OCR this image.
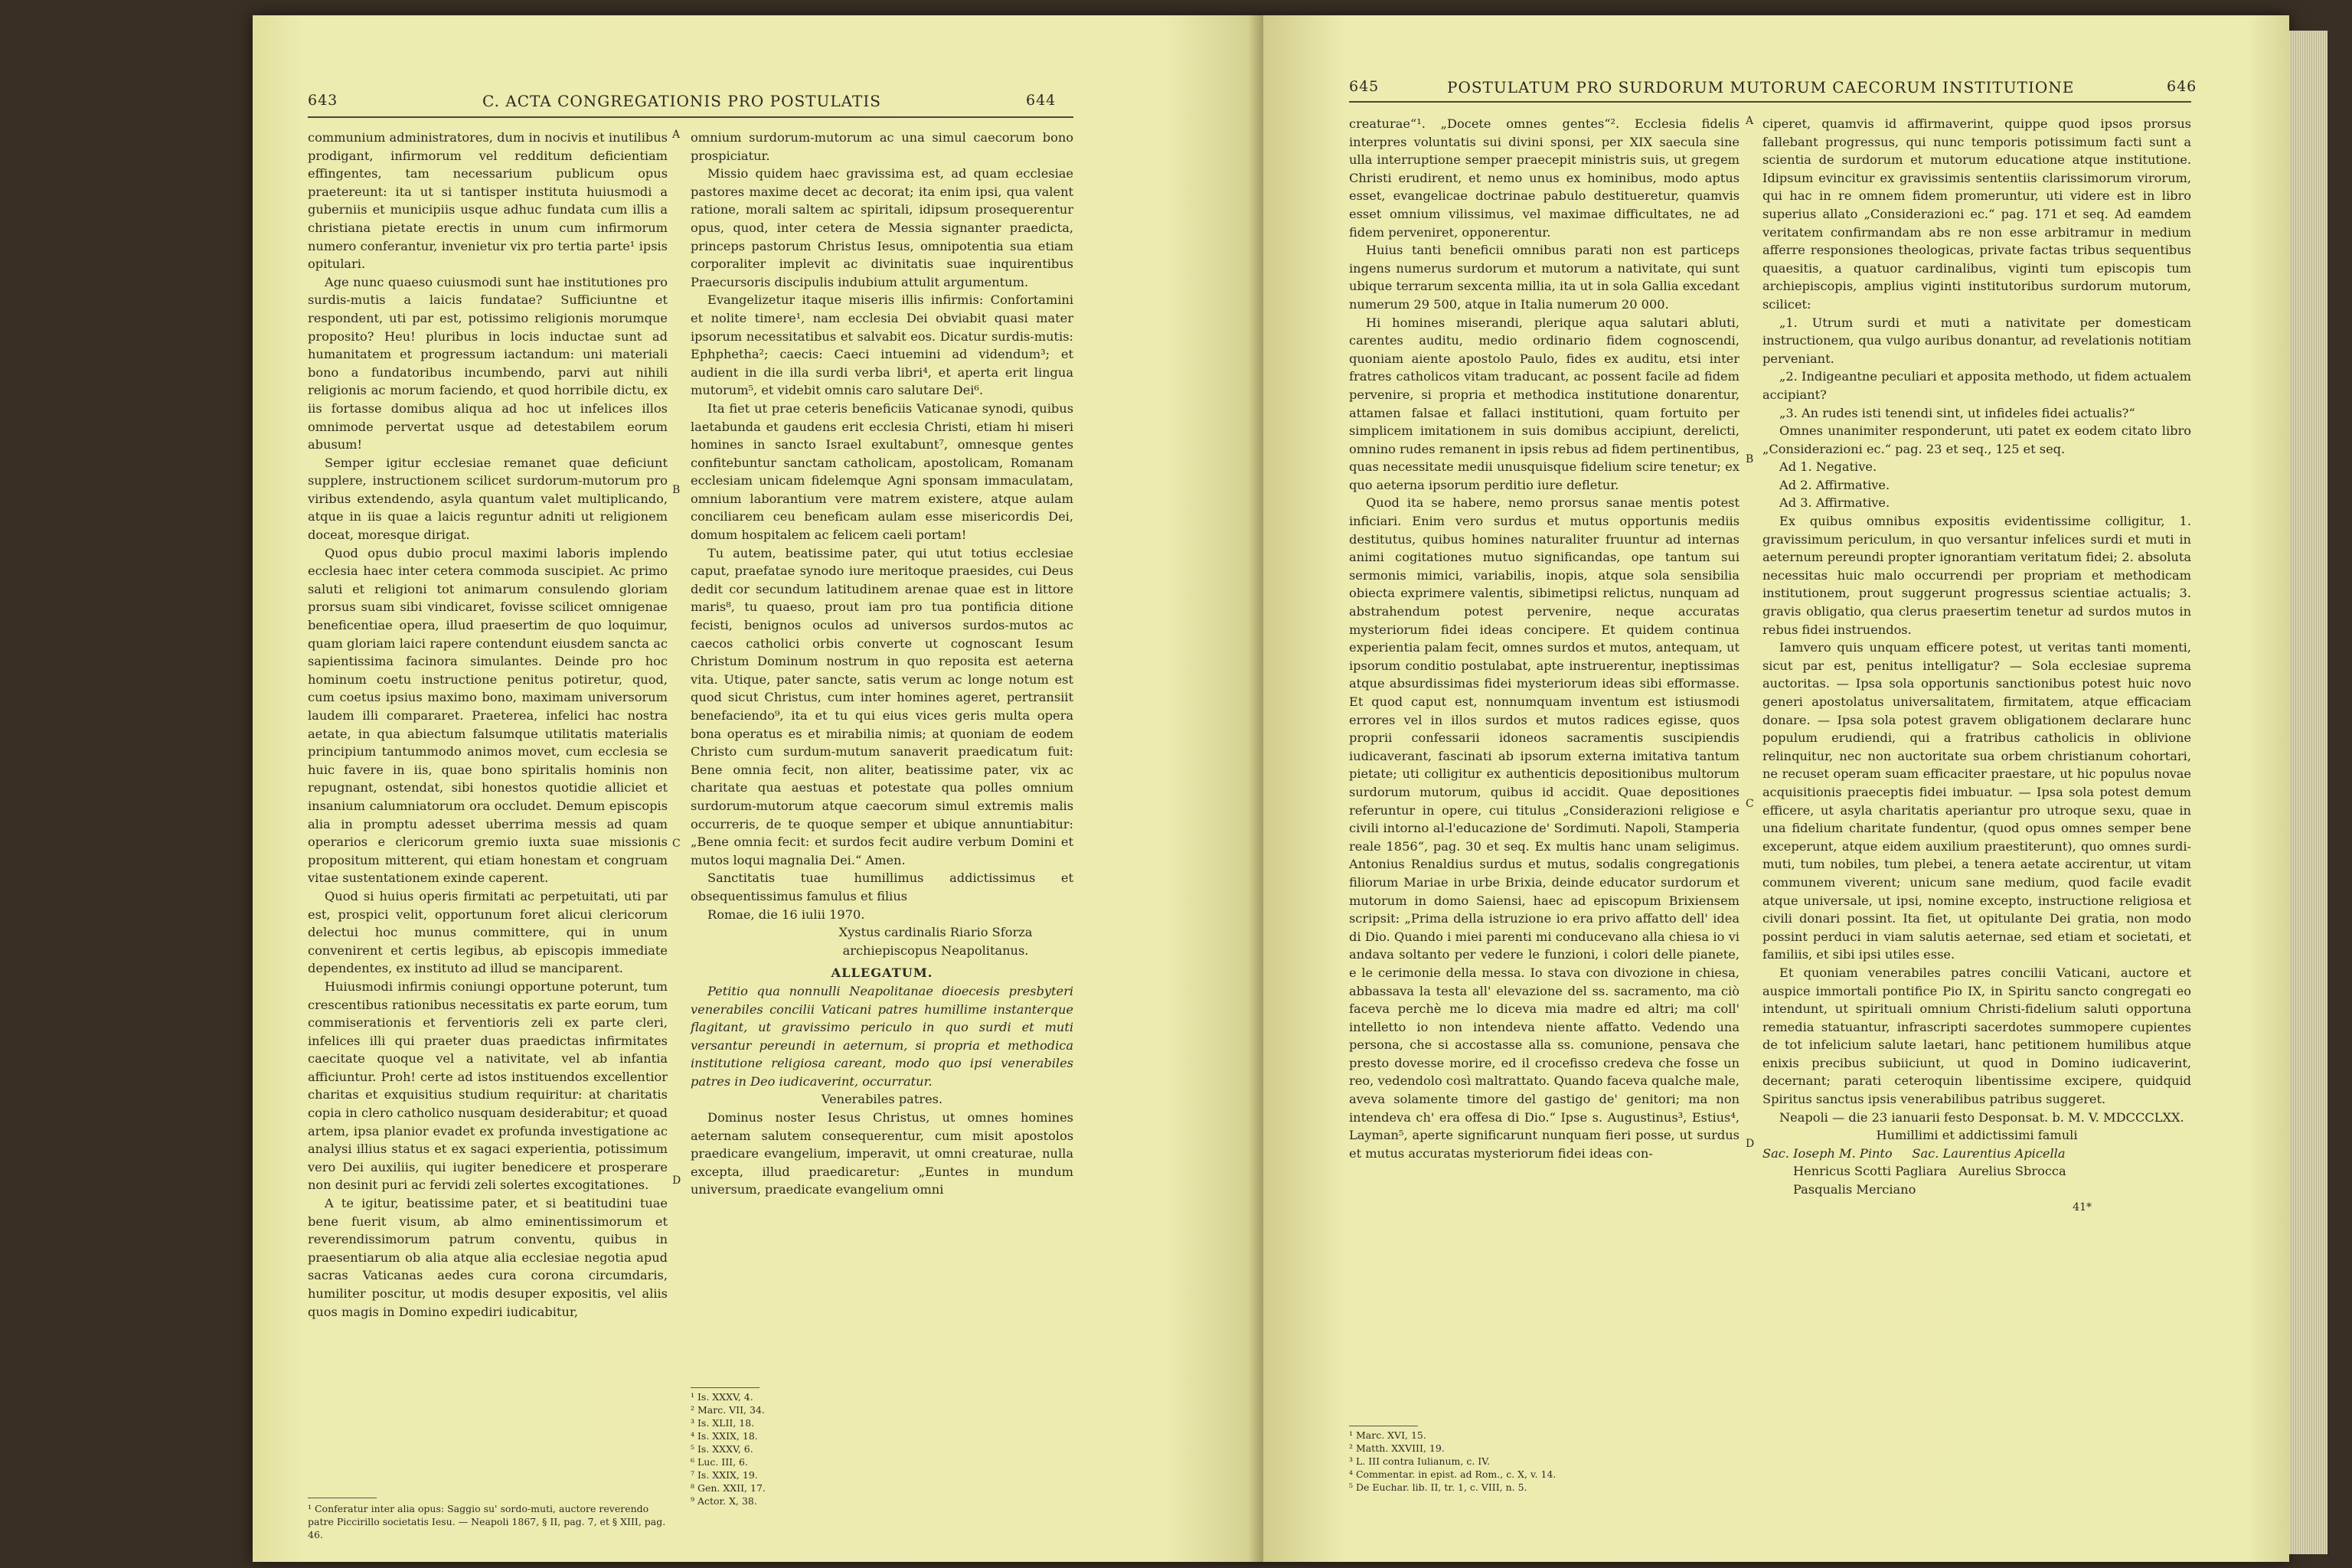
643	C. ACTA CONGREGATIONIS PRO POSTULATIS	644

communium administratores, dum in nocivis et inutilibus prodigant, infirmorum vel redditum deficientiam effingentes, tam necessarium publicum opus praetereunt: ita ut si tantisper instituta huiusmodi a guberniis et municipiis usque adhuc fundata cum illis a christiana pietate erectis in unum cum infirmorum numero conferantur, invenietur vix pro tertia parte¹ ipsis opitulari.

Age nunc quaeso cuiusmodi sunt hae institutiones pro surdis-mutis a laicis fundatae? Sufficiuntne et respondent, uti par est, potissimo religionis morumque proposito? Heu! pluribus in locis inductae sunt ad humanitatem et progressum iactandum: uni materiali bono a fundatoribus incumbendo, parvi aut nihili religionis ac morum faciendo, et quod horribile dictu, ex iis fortasse domibus aliqua ad hoc ut infelices illos omnimode pervertat usque ad detestabilem eorum abusum!

Semper igitur ecclesiae remanet quae deficiunt supplere, instructionem scilicet surdorum-mutorum pro viribus extendendo, asyla quantum valet multiplicando, atque in iis quae a laicis reguntur adniti ut religionem doceat, moresque dirigat.

Quod opus dubio procul maximi laboris implendo ecclesia haec inter cetera commoda suscipiet. Ac primo saluti et religioni tot animarum consulendo gloriam prorsus suam sibi vindicaret, fovisse scilicet omnigenae beneficentiae opera, illud praesertim de quo loquimur, quam gloriam laici rapere contendunt eiusdem sancta ac sapientissima facinora simulantes. Deinde pro hoc hominum coetu instructione penitus potiretur, quod, cum coetus ipsius maximo bono, maximam universorum laudem illi compararet. Praeterea, infelici hac nostra aetate, in qua abiectum falsumque utilitatis materialis principium tantummodo animos movet, cum ecclesia se huic favere in iis, quae bono spiritalis hominis non repugnant, ostendat, sibi honestos quotidie alliciet et insanium calumniatorum ora occludet. Demum episcopis alia in promptu adesset uberrima messis ad quam operarios e clericorum gremio iuxta suae missionis propositum mitterent, qui etiam honestam et congruam vitae sustentationem exinde caperent.

Quod si huius operis firmitati ac perpetuitati, uti par est, prospici velit, opportunum foret alicui clericorum delectui hoc munus committere, qui in unum convenirent et certis legibus, ab episcopis immediate dependentes, ex instituto ad illud se manciparent.

Huiusmodi infirmis coniungi opportune poterunt, tum crescentibus rationibus necessitatis ex parte eorum, tum commiserationis et ferventioris zeli ex parte cleri, infelices illi qui praeter duas praedictas infirmitates caecitate quoque vel a nativitate, vel ab infantia afficiuntur. Proh! certe ad istos instituendos excellentior charitas et exquisitius studium requiritur: at charitatis copia in clero catholico nusquam desiderabitur; et quoad artem, ipsa planior evadet ex profunda investigatione ac analysi illius status et ex sagaci experientia, potissimum vero Dei auxiliis, qui iugiter benedicere et prosperare non desinit puri ac fervidi zeli solertes excogitationes.

A te igitur, beatissime pater, et si beatitudini tuae bene fuerit visum, ab almo eminentissimorum et reverendissimorum patrum conventu, quibus in praesentiarum ob alia atque alia ecclesiae negotia apud sacras Vaticanas aedes cura corona circumdaris, humiliter poscitur, ut modis desuper expositis, vel aliis quos magis in Domino expediri iudicabitur,

¹ Conferatur inter alia opus: Saggio su' sordo-muti, auctore reverendo patre Piccirillo societatis Iesu. — Neapoli 1867, § II, pag. 7, et § XIII, pag. 46.
A
B
C
D

omnium surdorum-mutorum ac una simul caecorum bono prospiciatur.

Missio quidem haec gravissima est, ad quam ecclesiae pastores maxime decet ac decorat; ita enim ipsi, qua valent ratione, morali saltem ac spiritali, idipsum prosequerentur opus, quod, inter cetera de Messia signanter praedicta, princeps pastorum Christus Iesus, omnipotentia sua etiam corporaliter implevit ac divinitatis suae inquirentibus Praecursoris discipulis indubium attulit argumentum.

Evangelizetur itaque miseris illis infirmis: Confortamini et nolite timere¹, nam ecclesia Dei obviabit quasi mater ipsorum necessitatibus et salvabit eos. Dicatur surdis-mutis: Ephphetha²; caecis: Caeci intuemini ad videndum³; et audient in die illa surdi verba libri⁴, et aperta erit lingua mutorum⁵, et videbit omnis caro salutare Dei⁶.

Ita fiet ut prae ceteris beneficiis Vaticanae synodi, quibus laetabunda et gaudens erit ecclesia Christi, etiam hi miseri homines in sancto Israel exultabunt⁷, omnesque gentes confitebuntur sanctam catholicam, apostolicam, Romanam ecclesiam unicam fidelemque Agni sponsam immaculatam, omnium laborantium vere matrem existere, atque aulam conciliarem ceu beneficam aulam esse misericordis Dei, domum hospitalem ac felicem caeli portam!

Tu autem, beatissime pater, qui utut totius ecclesiae caput, praefatae synodo iure meritoque praesides, cui Deus dedit cor secundum latitudinem arenae quae est in littore maris⁸, tu quaeso, prout iam pro tua pontificia ditione fecisti, benignos oculos ad universos surdos-mutos ac caecos catholici orbis converte ut cognoscant Iesum Christum Dominum nostrum in quo reposita est aeterna vita. Utique, pater sancte, satis verum ac longe notum est quod sicut Christus, cum inter homines ageret, pertransiit benefaciendo⁹, ita et tu qui eius vices geris multa opera bona operatus es et mirabilia nimis; at quoniam de eodem Christo cum surdum-mutum sanaverit praedicatum fuit: Bene omnia fecit, non aliter, beatissime pater, vix ac charitate qua aestuas et potestate qua polles omnium surdorum-mutorum atque caecorum simul extremis malis occurreris, de te quoque semper et ubique annuntiabitur: „Bene omnia fecit: et surdos fecit audire verbum Domini et mutos loqui magnalia Dei.“ Amen.

Sanctitatis tuae humillimus addictissimus et obsequentissimus famulus et filius

Romae, die 16 iulii 1970.

Xystus cardinalis Riario Sforza

archiepiscopus Neapolitanus.

ALLEGATUM.

Petitio qua nonnulli Neapolitanae dioecesis presbyteri venerabiles concilii Vaticani patres humillime instanterque flagitant, ut gravissimo periculo in quo surdi et muti versantur pereundi in aeternum, si propria et methodica institutione religiosa careant, modo quo ipsi venerabiles patres in Deo iudicaverint, occurratur.

Venerabiles patres.

Dominus noster Iesus Christus, ut omnes homines aeternam salutem consequerentur, cum misit apostolos praedicare evangelium, imperavit, ut omni creaturae, nulla excepta, illud praedicaretur: „Euntes in mundum universum, praedicate evangelium omni

¹ Is. XXXV, 4.
² Marc. VII, 34.
³ Is. XLII, 18.
⁴ Is. XXIX, 18.
⁵ Is. XXXV, 6.
⁶ Luc. III, 6.
⁷ Is. XXIX, 19.
⁸ Gen. XXII, 17.
⁹ Actor. X, 38.
645	POSTULATUM PRO SURDORUM MUTORUM CAECORUM INSTITUTIONE	646

creaturae“¹. „Docete omnes gentes“². Ecclesia fidelis interpres voluntatis sui divini sponsi, per XIX saecula sine ulla interruptione semper praecepit ministris suis, ut gregem Christi erudirent, et nemo unus ex hominibus, modo aptus esset, evangelicae doctrinae pabulo destitueretur, quamvis esset omnium vilissimus, vel maximae difficultates, ne ad fidem perveniret, opponerentur.

Huius tanti beneficii omnibus parati non est particeps ingens numerus surdorum et mutorum a nativitate, qui sunt ubique terrarum sexcenta millia, ita ut in sola Gallia excedant numerum 29 500, atque in Italia numerum 20 000.

Hi homines miserandi, plerique aqua salutari abluti, carentes auditu, medio ordinario fidem cognoscendi, quoniam aiente apostolo Paulo, fides ex auditu, etsi inter fratres catholicos vitam traducant, ac possent facile ad fidem pervenire, si propria et methodica institutione donarentur, attamen falsae et fallaci institutioni, quam fortuito per simplicem imitationem in suis domibus accipiunt, derelicti, omnino rudes remanent in ipsis rebus ad fidem pertinentibus, quas necessitate medii unusquisque fidelium scire tenetur; ex quo aeterna ipsorum perditio iure defletur.

Quod ita se habere, nemo prorsus sanae mentis potest inficiari. Enim vero surdus et mutus opportunis mediis destitutus, quibus homines naturaliter fruuntur ad internas animi cogitationes mutuo significandas, ope tantum sui sermonis mimici, variabilis, inopis, atque sola sensibilia obiecta exprimere valentis, sibimetipsi relictus, nunquam ad abstrahendum potest pervenire, neque accuratas mysteriorum fidei ideas concipere. Et quidem continua experientia palam fecit, omnes surdos et mutos, antequam, ut ipsorum conditio postulabat, apte instruerentur, ineptissimas atque absurdissimas fidei mysteriorum ideas sibi efformasse. Et quod caput est, nonnumquam inventum est istiusmodi errores vel in illos surdos et mutos radices egisse, quos proprii confessarii idoneos sacramentis suscipiendis iudicaverant, fascinati ab ipsorum externa imitativa tantum pietate; uti colligitur ex authenticis depositionibus multorum surdorum mutorum, quibus id accidit. Quae depositiones referuntur in opere, cui titulus „Considerazioni religiose e civili intorno al-l'educazione de' Sordimuti. Napoli, Stamperia reale 1856“, pag. 30 et seq. Ex multis hanc unam seligimus. Antonius Renaldius surdus et mutus, sodalis congregationis filiorum Mariae in urbe Brixia, deinde educator surdorum et mutorum in domo Saiensi, haec ad episcopum Brixiensem scripsit: „Prima della istruzione io era privo affatto dell' idea di Dio. Quando i miei parenti mi conducevano alla chiesa io vi andava soltanto per vedere le funzioni, i colori delle pianete, e le cerimonie della messa. Io stava con divozione in chiesa, abbassava la testa all' elevazione del ss. sacramento, ma ciò faceva perchè me lo diceva mia madre ed altri; ma coll' intelletto io non intendeva niente affatto. Vedendo una persona, che si accostasse alla ss. comunione, pensava che presto dovesse morire, ed il crocefisso credeva che fosse un reo, vedendolo così maltrattato. Quando faceva qualche male, aveva solamente timore del gastigo de' genitori; ma non intendeva ch' era offesa di Dio.“ Ipse s. Augustinus³, Estius⁴, Layman⁵, aperte significarunt nunquam fieri posse, ut surdus et mutus accuratas mysteriorum fidei ideas con-

¹ Marc. XVI, 15.
² Matth. XXVIII, 19.
³ L. III contra Iulianum, c. IV.
⁴ Commentar. in epist. ad Rom., c. X, v. 14.
⁵ De Euchar. lib. II, tr. 1, c. VIII, n. 5.
A
B
C
D

ciperet, quamvis id affirmaverint, quippe quod ipsos prorsus fallebant progressus, qui nunc temporis potissimum facti sunt a scientia de surdorum et mutorum educatione atque institutione. Idipsum evincitur ex gravissimis sententiis clarissimorum virorum, qui hac in re omnem fidem promeruntur, uti videre est in libro superius allato „Considerazioni ec.“ pag. 171 et seq. Ad eamdem veritatem confirmandam abs re non esse arbitramur in medium afferre responsiones theologicas, private factas tribus sequentibus quaesitis, a quatuor cardinalibus, viginti tum episcopis tum archiepiscopis, amplius viginti institutoribus surdorum mutorum, scilicet:

„1. Utrum surdi et muti a nativitate per domesticam instructionem, qua vulgo auribus donantur, ad revelationis notitiam perveniant.

„2. Indigeantne peculiari et apposita methodo, ut fidem actualem accipiant?

„3. An rudes isti tenendi sint, ut infideles fidei actualis?“

Omnes unanimiter responderunt, uti patet ex eodem citato libro „Considerazioni ec.“ pag. 23 et seq., 125 et seq.

Ad 1. Negative.

Ad 2. Affirmative.

Ad 3. Affirmative.

Ex quibus omnibus expositis evidentissime colligitur, 1. gravissimum periculum, in quo versantur infelices surdi et muti in aeternum pereundi propter ignorantiam veritatum fidei; 2. absoluta necessitas huic malo occurrendi per propriam et methodicam institutionem, prout suggerunt progressus scientiae actualis; 3. gravis obligatio, qua clerus praesertim tenetur ad surdos mutos in rebus fidei instruendos.

Iamvero quis unquam efficere potest, ut veritas tanti momenti, sicut par est, penitus intelligatur? — Sola ecclesiae suprema auctoritas. — Ipsa sola opportunis sanctionibus potest huic novo generi apostolatus universalitatem, firmitatem, atque efficaciam donare. — Ipsa sola potest gravem obligationem declarare hunc populum erudiendi, qui a fratribus catholicis in oblivione relinquitur, nec non auctoritate sua orbem christianum cohortari, ne recuset operam suam efficaciter praestare, ut hic populus novae acquisitionis praeceptis fidei imbuatur. — Ipsa sola potest demum efficere, ut asyla charitatis aperiantur pro utroque sexu, quae in una fidelium charitate fundentur, (quod opus omnes semper bene exceperunt, atque eidem auxilium praestiterunt), quo omnes surdi-muti, tum nobiles, tum plebei, a tenera aetate accirentur, ut vitam communem viverent; unicum sane medium, quod facile evadit atque universale, ut ipsi, nomine excepto, instructione religiosa et civili donari possint. Ita fiet, ut opitulante Dei gratia, non modo possint perduci in viam salutis aeternae, sed etiam et societati, et familiis, et sibi ipsi utiles esse.

Et quoniam venerabiles patres concilii Vaticani, auctore et auspice immortali pontifice Pio IX, in Spiritu sancto congregati eo intendunt, ut spirituali omnium Christi-fidelium saluti opportuna remedia statuantur, infrascripti sacerdotes summopere cupientes de tot infelicium salute laetari, hanc petitionem humilibus atque enixis precibus subiiciunt, ut quod in Domino iudicaverint, decernant; parati ceteroquin libentissime excipere, quidquid Spiritus sanctus ipsis venerabilibus patribus suggeret.

Neapoli — die 23 ianuarii festo Desponsat. b. M. V. MDCCCLXX.

Humillimi et addictissimi famuli

Sac. Ioseph M. Pinto     Sac. Laurentius Apicella

Henricus Scotti Pagliara   Aurelius Sbrocca

Pasqualis Merciano

41*
